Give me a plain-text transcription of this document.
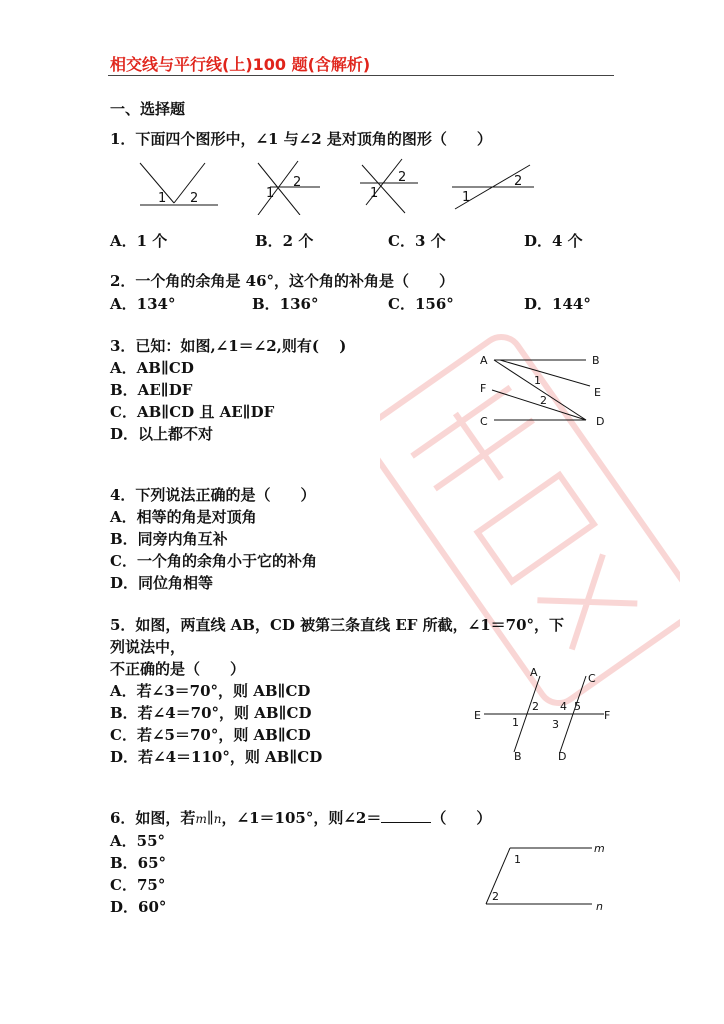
相交线与平行线(上)100 题(含解析)
一、选择题
1．下面四个图形中，∠1 与∠2 是对顶角的图形（　　）
1 2	1
2
1
2
1
2
A．1 个	B．2 个	C．3 个	D．4 个
2．一个角的余角是 46°，这个角的补角是（　　）
A．134°	B．136°	C．156°	D．144°
3．已知：如图,∠1＝∠2,则有(　 )
A．AB∥CD
B．AE∥DF
C．AB∥CD 且 AE∥DF
D．以上都不对
A	B
F	E
C	D
1
2
4．下列说法正确的是（　　）
A．相等的角是对顶角
B．同旁内角互补
C．一个角的余角小于它的补角
D．同位角相等
5．如图，两直线 AB，CD 被第三条直线 EF 所截，∠1＝70°，下
列说法中，
不正确的是（　　）
A．若∠3＝70°，则 AB∥CD
B．若∠4＝70°，则 AB∥CD
C．若∠5＝70°，则 AB∥CD
D．若∠4＝110°，则 AB∥CD
A	C
E	F
1
2 4 5
3
B	D
6．如图，若m∥n，∠1＝105°，则∠2＝	（　　）
A．55°
B．65°
C．75°
D．60°
m
1
2
n
